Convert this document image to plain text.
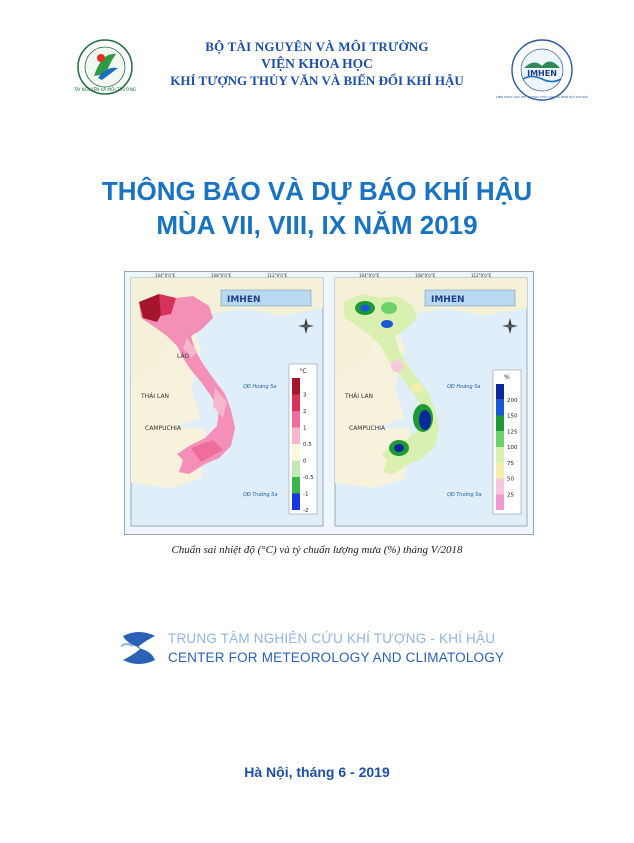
TÀI NGUYÊN VÀ MÔI TRƯỜNG
IMHEN
VIỆN KHOA HỌC KHÍ TƯỢNG THỦY VĂN VÀ BIẾN ĐỔI KHÍ HẬU
BỘ TÀI NGUYÊN VÀ MÔI TRƯỜNG
VIỆN KHOA HỌC
KHÍ TƯỢNG THỦY VĂN VÀ BIẾN ĐỔI KHÍ HẬU
THÔNG BÁO VÀ DỰ BÁO KHÍ HẬU
MÙA VII, VIII, IX NĂM 2019
IMHEN
THÁI LAN
CAMPUCHIA
LÀO
QĐ Hoàng Sa
QĐ Trường Sa
°C
3
2
1
0.5
0
-0.5
-1
-2
104°0'0"E	108°0'0"E	112°0'0"E
IMHEN
THÁI LAN
CAMPUCHIA
QĐ Hoàng Sa
QĐ Trường Sa
%
200
150
125
100
75
50
25
104°0'0"E	108°0'0"E	112°0'0"E
Chuẩn sai nhiệt độ (°C) và tỷ chuẩn lượng mưa (%) tháng V/2018
TRUNG TÂM NGHIÊN CỨU KHÍ TƯỢNG - KHÍ HẬU
CENTER FOR METEOROLOGY AND CLIMATOLOGY
Hà Nội, tháng 6 - 2019
